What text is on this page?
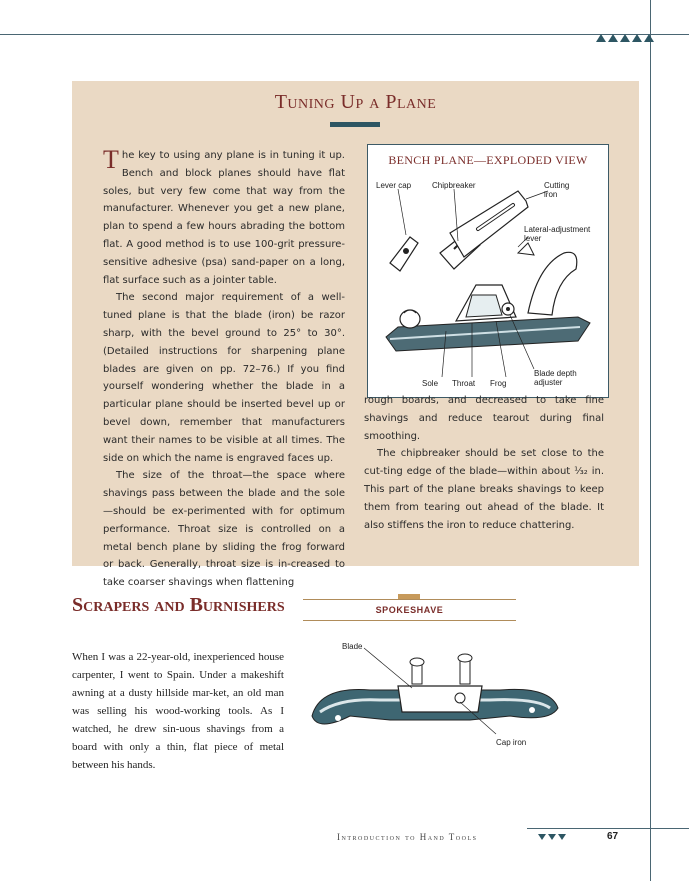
Tuning Up a Plane

The key to using any plane is in tuning it up. Bench and block planes should have flat soles, but very few come that way from the manufacturer. Whenever you get a new plane, plan to spend a few hours abrading the bottom flat. A good method is to use 100-grit pressure-sensitive adhesive (psa) sand-paper on a long, flat surface such as a jointer table.

The second major requirement of a well-tuned plane is that the blade (iron) be razor sharp, with the bevel ground to 25° to 30°. (Detailed instructions for sharpening plane blades are given on pp. 72–76.) If you find yourself wondering whether the blade in a particular plane should be inserted bevel up or bevel down, remember that manufacturers want their names to be visible at all times. The side on which the name is engraved faces up.

The size of the throat—the space where shavings pass between the blade and the sole—should be ex-perimented with for optimum performance. Throat size is controlled on a metal bench plane by sliding the frog forward or back. Generally, throat size is in-creased to take coarser shavings when flattening

BENCH PLANE—EXPLODED VIEW
Lever cap	Chipbreaker	Cutting iron
Lateral-adjustment lever
Blade depth adjuster
Sole Throat Frog

rough boards, and decreased to take fine shavings and reduce tearout during final smoothing.

The chipbreaker should be set close to the cut-ting edge of the blade—within about ¹⁄₃₂ in. This part of the plane breaks shavings to keep them from tearing out ahead of the blade. It also stiffens the iron to reduce chattering.

Scrapers and Burnishers

When I was a 22-year-old, inexperienced house carpenter, I went to Spain. Under a makeshift awning at a dusty hillside mar-ket, an old man was selling his wood-working tools. As I watched, he drew sin-uous shavings from a board with only a thin, flat piece of metal between his hands.

SPOKESHAVE
Blade
Cap iron
Introduction to Hand Tools	67
